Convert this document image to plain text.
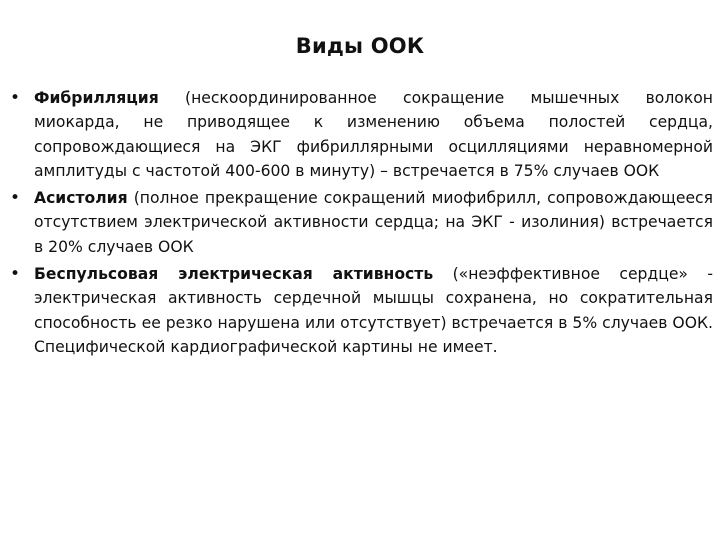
Виды ООК
• Фибрилляция (нескоординированное сокращение мышечных волокон миокарда, не приводящее к изменению объема полостей сердца, сопровождающиеся на ЭКГ фибриллярными осцилляциями неравномерной амплитуды с частотой 400-600 в минуту) – встречается в 75% случаев ООК
• Асистолия (полное прекращение сокращений миофибрилл, сопровождающееся отсутствием электрической активности сердца; на ЭКГ - изолиния) встречается в 20% случаев ООК
• Беспульсовая электрическая активность («неэффективное сердце» - электрическая активность сердечной мышцы сохранена, но сократительная способность ее резко нарушена или отсутствует) встречается в 5% случаев ООК. Специфической кардиографической картины не имеет.
